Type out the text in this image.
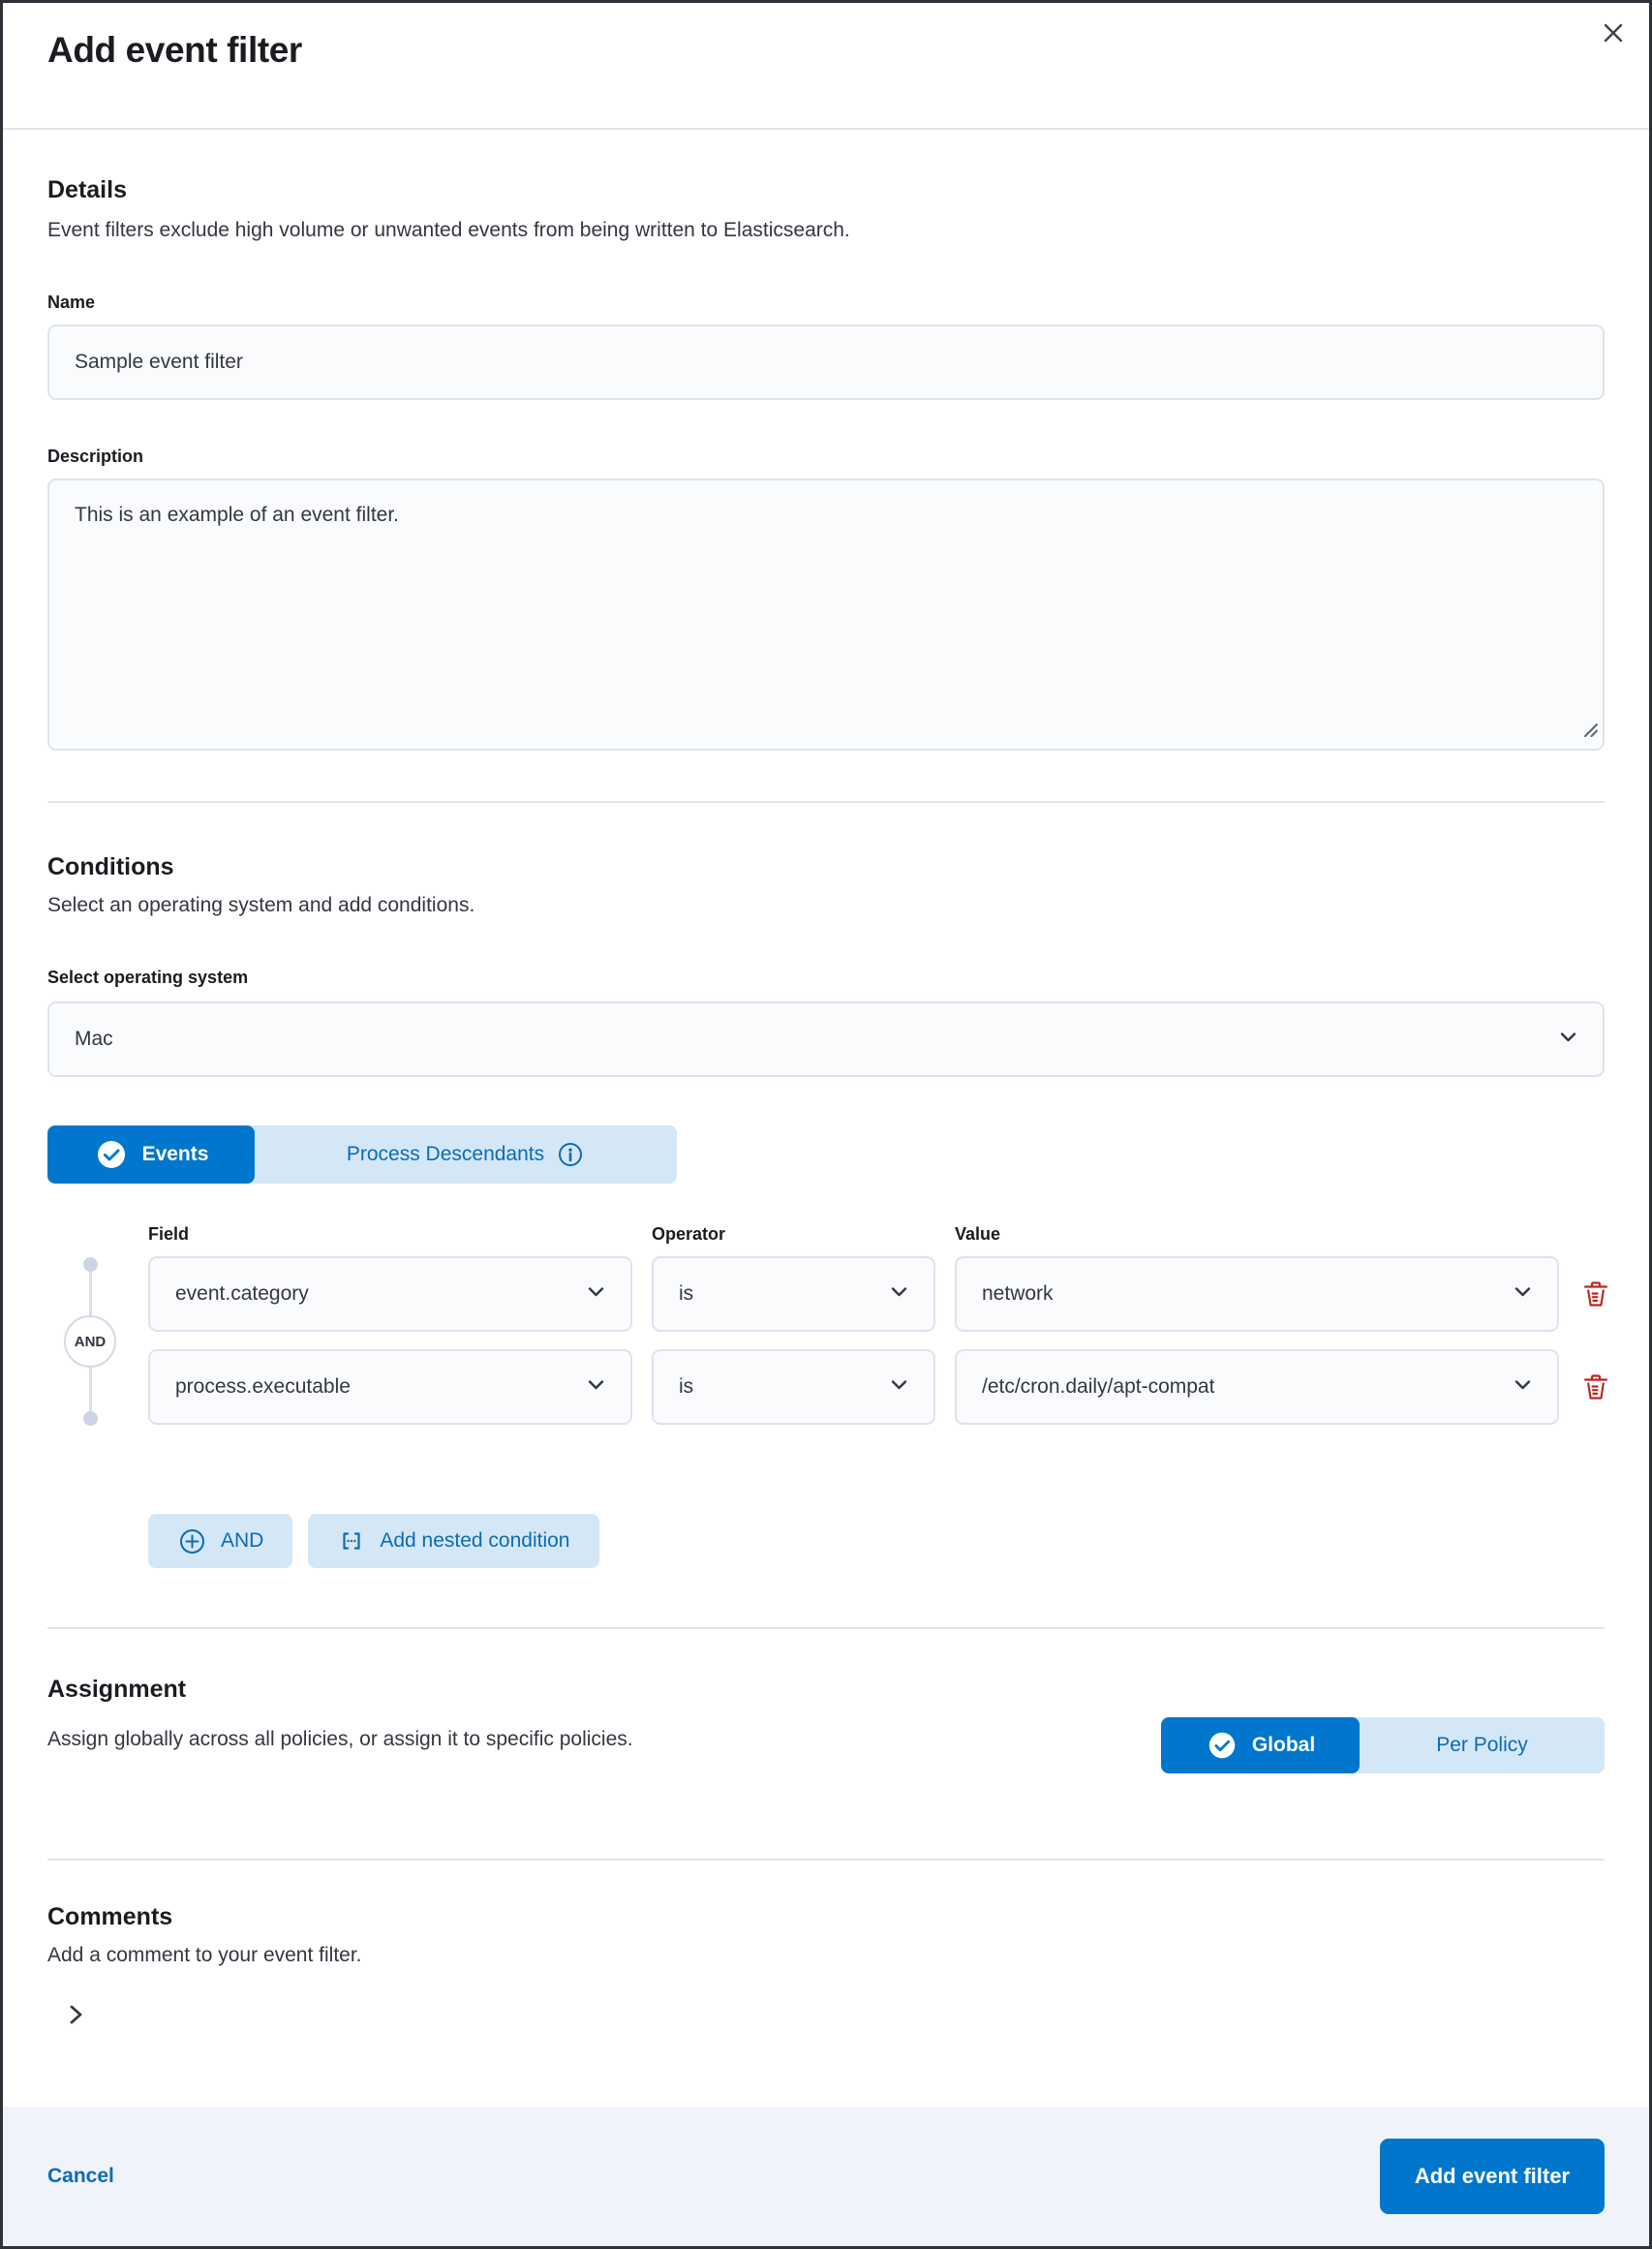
Add event filter
Details

Event filters exclude high volume or unwanted events from being written to Elasticsearch.

Name
Sample event filter
Description
This is an example of an event filter.
Conditions

Select an operating system and add conditions.

Select operating system
Mac
Events	Process Descendants
AND
Field	Operator	Value
event.category	is	network
process.executable	is	/etc/cron.daily/apt-compat
AND	Add nested condition
Assignment

Assign globally across all policies, or assign it to specific policies.	Global	Per Policy
Comments

Add a comment to your event filter.

Cancel	Add event filter
